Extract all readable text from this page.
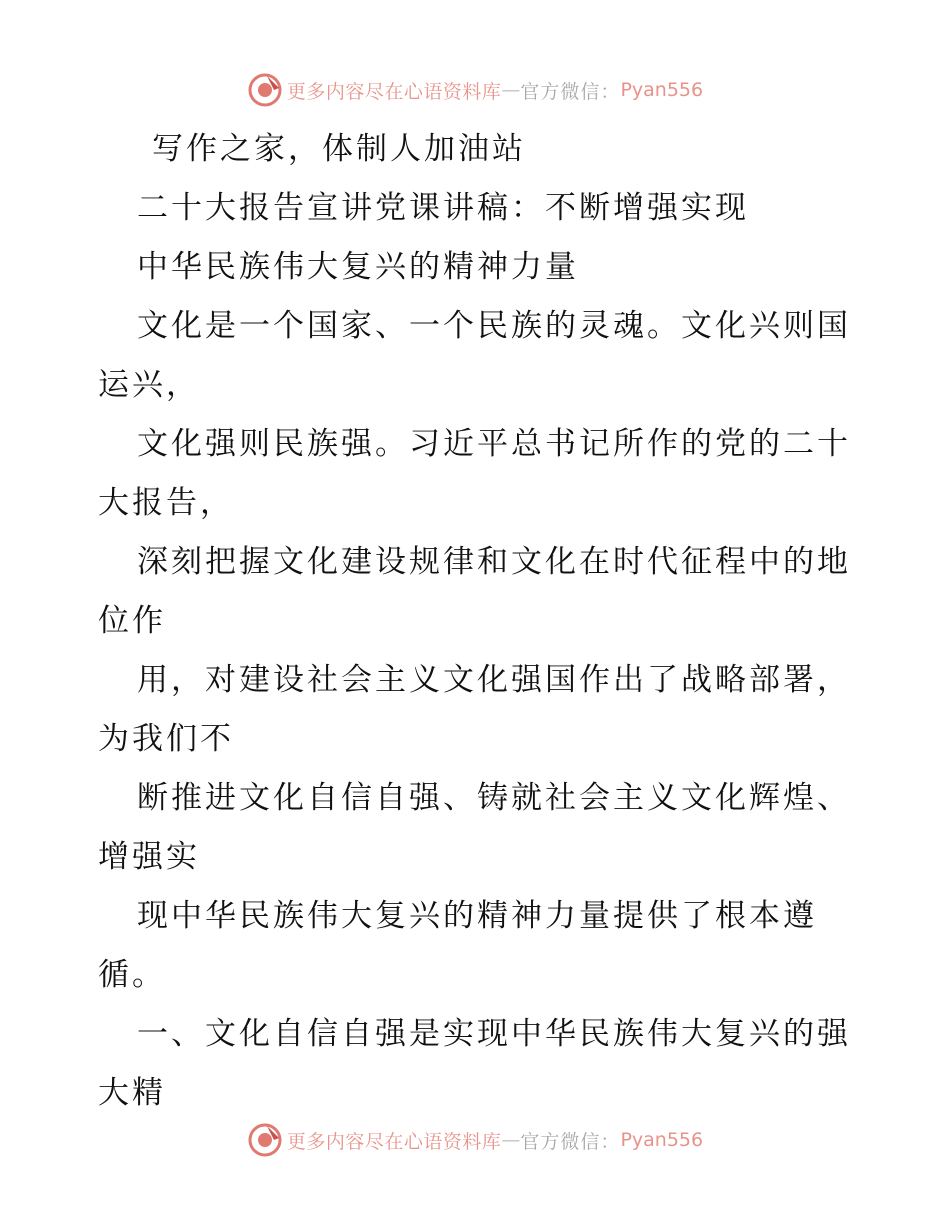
更多内容尽在心语资料库 — 官方微信： Pyan556
写作之家，体制人加油站
二十大报告宣讲党课讲稿：不断增强实现
中华民族伟大复兴的精神力量
文化是一个国家、一个民族的灵魂。文化兴则国
运兴，
文化强则民族强。习近平总书记所作的党的二十
大报告，
深刻把握文化建设规律和文化在时代征程中的地
位作
用，对建设社会主义文化强国作出了战略部署，
为我们不
断推进文化自信自强、铸就社会主义文化辉煌、
增强实
现中华民族伟大复兴的精神力量提供了根本遵
循。
一、文化自信自强是实现中华民族伟大复兴的强
大精
更多内容尽在心语资料库 — 官方微信： Pyan556
